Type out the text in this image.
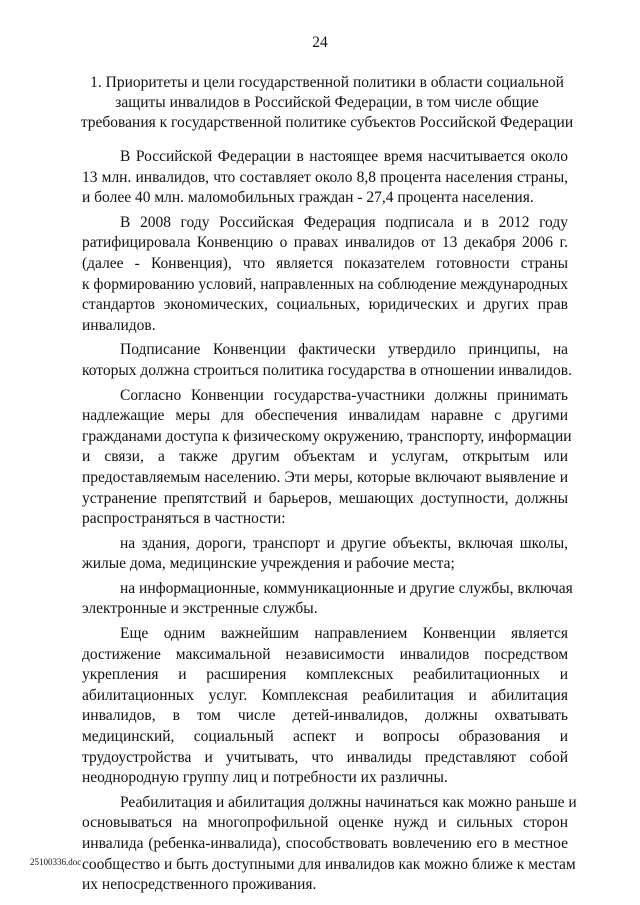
24
1. Приоритеты и цели государственной политики в области социальной
защиты инвалидов в Российской Федерации, в том числе общие
требования к государственной политике субъектов Российской Федерации

В Российской Федерации в настоящее время насчитывается около
13 млн. инвалидов, что составляет около 8,8 процента населения страны,
и более 40 млн. маломобильных граждан - 27,4 процента населения.

В 2008 году Российская Федерация подписала и в 2012 году
ратифицировала Конвенцию о правах инвалидов от 13 декабря 2006 г.
(далее - Конвенция), что является показателем готовности страны
к формированию условий, направленных на соблюдение международных
стандартов экономических, социальных, юридических и других прав
инвалидов.

Подписание Конвенции фактически утвердило принципы, на
которых должна строиться политика государства в отношении инвалидов.

Согласно Конвенции государства-участники должны принимать
надлежащие меры для обеспечения инвалидам наравне с другими
гражданами доступа к физическому окружению, транспорту, информации
и связи, а также другим объектам и услугам, открытым или
предоставляемым населению. Эти меры, которые включают выявление и
устранение препятствий и барьеров, мешающих доступности, должны
распространяться в частности:

на здания, дороги, транспорт и другие объекты, включая школы,
жилые дома, медицинские учреждения и рабочие места;

на информационные, коммуникационные и другие службы, включая
электронные и экстренные службы.

Еще одним важнейшим направлением Конвенции является
достижение максимальной независимости инвалидов посредством
укрепления и расширения комплексных реабилитационных и
абилитационных услуг. Комплексная реабилитация и абилитация
инвалидов, в том числе детей-инвалидов, должны охватывать
медицинский, социальный аспект и вопросы образования и
трудоустройства и учитывать, что инвалиды представляют собой
неоднородную группу лиц и потребности их различны.

Реабилитация и абилитация должны начинаться как можно раньше и
основываться на многопрофильной оценке нужд и сильных сторон
инвалида (ребенка-инвалида), способствовать вовлечению его в местное
сообщество и быть доступными для инвалидов как можно ближе к местам
их непосредственного проживания.

25100336.doc
